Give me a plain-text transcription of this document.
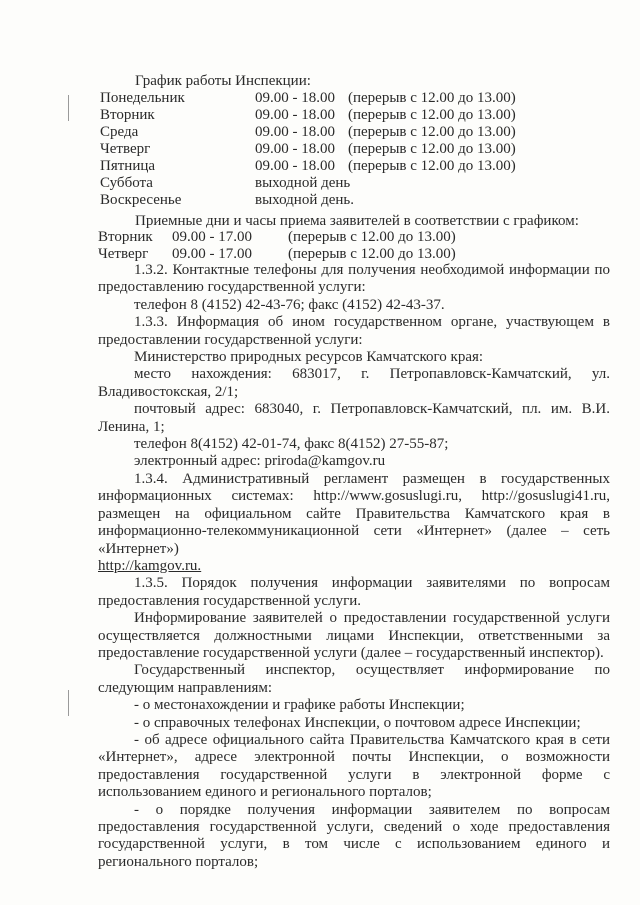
График работы Инспекции:
Понедельник	09.00 - 18.00 (перерыв с 12.00 до 13.00)
Вторник	09.00 - 18.00 (перерыв с 12.00 до 13.00)
Среда	09.00 - 18.00 (перерыв с 12.00 до 13.00)
Четверг	09.00 - 18.00 (перерыв с 12.00 до 13.00)
Пятница	09.00 - 18.00 (перерыв с 12.00 до 13.00)
Суббота	выходной день
Воскресенье	выходной день.
Приемные дни и часы приема заявителей в соответствии с графиком:
Вторник 09.00 - 17.00 (перерыв с 12.00 до 13.00)
Четверг 09.00 - 17.00 (перерыв с 12.00 до 13.00)

1.3.2. Контактные телефоны для получения необходимой информации по предоставлению государственной услуги:

телефон 8 (4152) 42-43-76; факс (4152) 42-43-37.

1.3.3. Информация об ином государственном органе, участвующем в предоставлении государственной услуги:

Министерство природных ресурсов Камчатского края:

место нахождения: 683017, г. Петропавловск-Камчатский, ул. Владивостокская, 2/1;

почтовый адрес: 683040, г. Петропавловск-Камчатский, пл. им. В.И. Ленина, 1;

телефон 8(4152) 42-01-74, факс 8(4152) 27-55-87;

электронный адрес: priroda@kamgov.ru

1.3.4. Административный регламент размещен в государственных информационных системах: http://www.gosuslugi.ru, http://gosuslugi41.ru, размещен на официальном сайте Правительства Камчатского края в информационно-телекоммуникационной сети «Интернет» (далее – сеть «Интернет»)

http://kamgov.ru.

1.3.5. Порядок получения информации заявителями по вопросам предоставления государственной услуги.

Информирование заявителей о предоставлении государственной услуги осуществляется должностными лицами Инспекции, ответственными за предоставление государственной услуги (далее – государственный инспектор).

Государственный инспектор, осуществляет информирование по следующим направлениям:

- о местонахождении и графике работы Инспекции;

- о справочных телефонах Инспекции, о почтовом адресе Инспекции;

- об адресе официального сайта Правительства Камчатского края в сети «Интернет», адресе электронной почты Инспекции, о возможности предоставления государственной услуги в электронной форме с использованием единого и регионального порталов;

- о порядке получения информации заявителем по вопросам предоставления государственной услуги, сведений о ходе предоставления государственной услуги, в том числе с использованием единого и регионального порталов;
